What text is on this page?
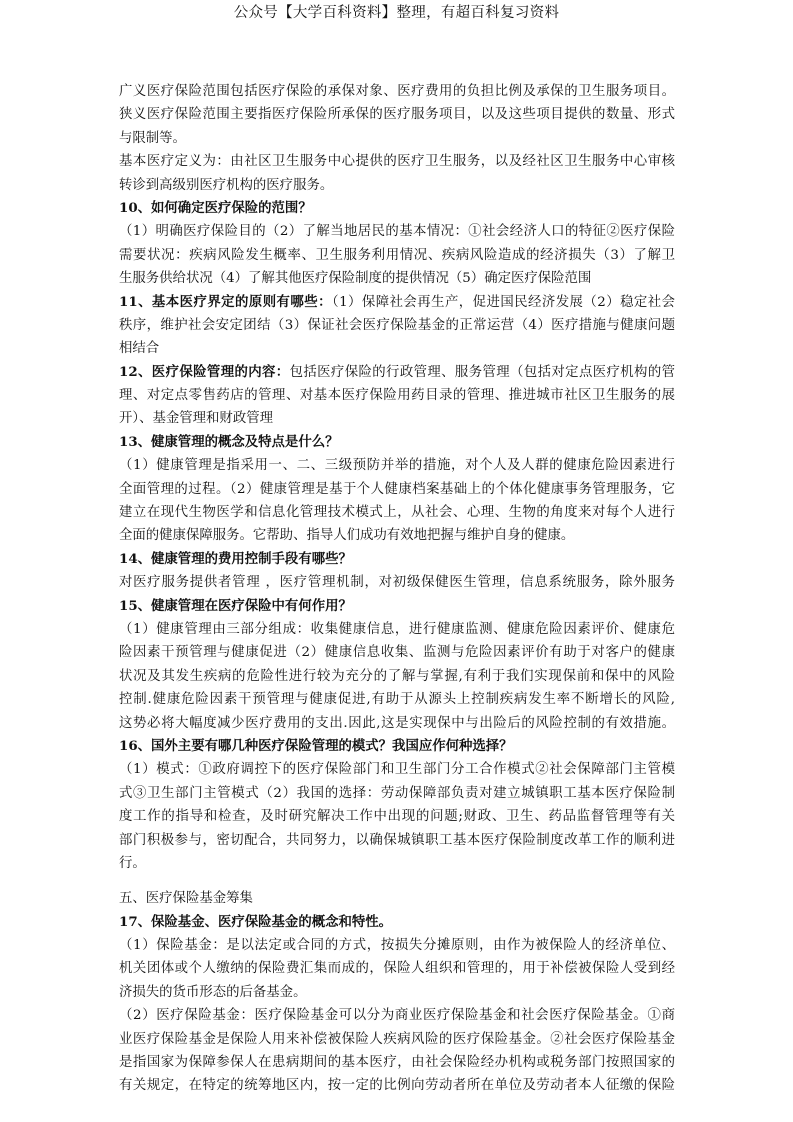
公众号【大学百科资料】整理，有超百科复习资料
广义医疗保险范围包括医疗保险的承保对象、医疗费用的负担比例及承保的卫生服务项目。
狭义医疗保险范围主要指医疗保险所承保的医疗服务项目，以及这些项目提供的数量、形式
与限制等。
基本医疗定义为：由社区卫生服务中心提供的医疗卫生服务，以及经社区卫生服务中心审核
转诊到高级别医疗机构的医疗服务。
10、如何确定医疗保险的范围？
（1）明确医疗保险目的（2）了解当地居民的基本情况：①社会经济人口的特征②医疗保险
需要状况：疾病风险发生概率、卫生服务利用情况、疾病风险造成的经济损失（3）了解卫
生服务供给状况（4）了解其他医疗保险制度的提供情况（5）确定医疗保险范围
11、基本医疗界定的原则有哪些：（1）保障社会再生产，促进国民经济发展（2）稳定社会
秩序，维护社会安定团结（3）保证社会医疗保险基金的正常运营（4）医疗措施与健康问题
相结合
12、医疗保险管理的内容：包括医疗保险的行政管理、服务管理（包括对定点医疗机构的管
理、对定点零售药店的管理、对基本医疗保险用药目录的管理、推进城市社区卫生服务的展
开）、基金管理和财政管理
13、健康管理的概念及特点是什么？
（1）健康管理是指采用一、二、三级预防并举的措施，对个人及人群的健康危险因素进行
全面管理的过程。（2）健康管理是基于个人健康档案基础上的个体化健康事务管理服务，它
建立在现代生物医学和信息化管理技术模式上，从社会、心理、生物的角度来对每个人进行
全面的健康保障服务。它帮助、指导人们成功有效地把握与维护自身的健康。
14、健康管理的费用控制手段有哪些？
对医疗服务提供者管理 ，医疗管理机制，对初级保健医生管理，信息系统服务，除外服务
15、健康管理在医疗保险中有何作用？
（1）健康管理由三部分组成：收集健康信息，进行健康监测、健康危险因素评价、健康危
险因素干预管理与健康促进（2）健康信息收集、监测与危险因素评价有助于对客户的健康
状况及其发生疾病的危险性进行较为充分的了解与掌握,有利于我们实现保前和保中的风险
控制.健康危险因素干预管理与健康促进,有助于从源头上控制疾病发生率不断增长的风险,
这势必将大幅度减少医疗费用的支出.因此,这是实现保中与出险后的风险控制的有效措施。
16、国外主要有哪几种医疗保险管理的模式？我国应作何种选择？
（1）模式：①政府调控下的医疗保险部门和卫生部门分工合作模式②社会保障部门主管模
式③卫生部门主管模式（2）我国的选择：劳动保障部负责对建立城镇职工基本医疗保险制
度工作的指导和检查，及时研究解决工作中出现的问题;财政、卫生、药品监督管理等有关
部门积极参与，密切配合，共同努力，以确保城镇职工基本医疗保险制度改革工作的顺利进
行。
五、医疗保险基金筹集
17、保险基金、医疗保险基金的概念和特性。
（1）保险基金：是以法定或合同的方式，按损失分摊原则，由作为被保险人的经济单位、
机关团体或个人缴纳的保险费汇集而成的，保险人组织和管理的，用于补偿被保险人受到经
济损失的货币形态的后备基金。
（2）医疗保险基金：医疗保险基金可以分为商业医疗保险基金和社会医疗保险基金。①商
业医疗保险基金是保险人用来补偿被保险人疾病风险的医疗保险基金。②社会医疗保险基金
是指国家为保障参保人在患病期间的基本医疗，由社会保险经办机构或税务部门按照国家的
有关规定，在特定的统筹地区内，按一定的比例向劳动者所在单位及劳动者本人征缴的保险
